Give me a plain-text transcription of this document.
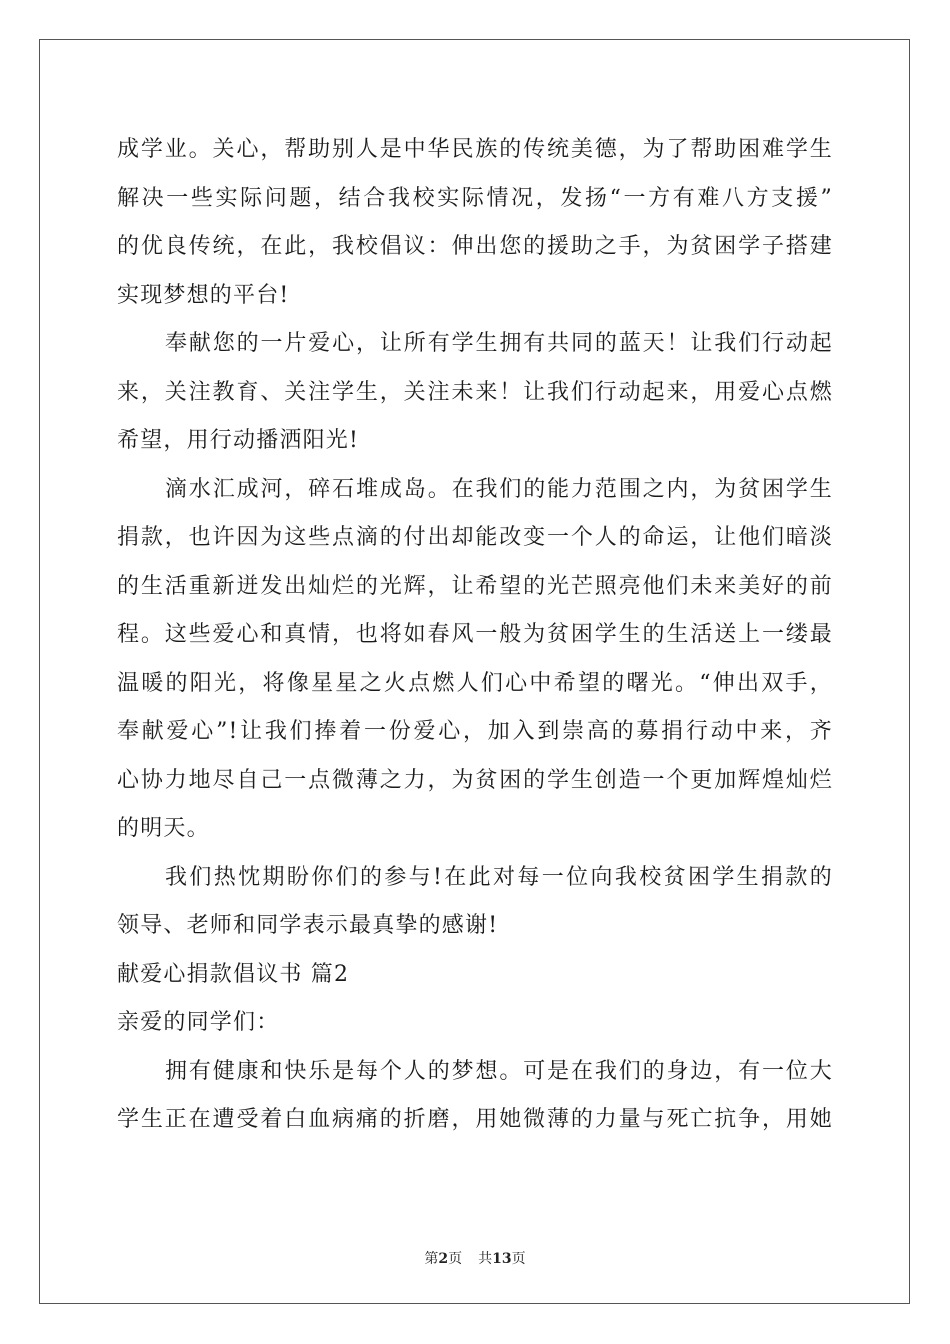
成学业。关心，帮助别人是中华民族的传统美德，为了帮助困难学生
解决一些实际问题，结合我校实际情况，发扬“一方有难八方支援”
的优良传统，在此，我校倡议：伸出您的援助之手，为贫困学子搭建
实现梦想的平台!
奉献您的一片爱心，让所有学生拥有共同的蓝天！让我们行动起
来，关注教育、关注学生，关注未来！让我们行动起来，用爱心点燃
希望，用行动播洒阳光!
滴水汇成河，碎石堆成岛。在我们的能力范围之内，为贫困学生
捐款，也许因为这些点滴的付出却能改变一个人的命运，让他们暗淡
的生活重新迸发出灿烂的光辉，让希望的光芒照亮他们未来美好的前
程。这些爱心和真情，也将如春风一般为贫困学生的生活送上一缕最
温暖的阳光，将像星星之火点燃人们心中希望的曙光。“伸出双手，
奉献爱心”!让我们捧着一份爱心，加入到崇高的募捐行动中来，齐
心协力地尽自己一点微薄之力，为贫困的学生创造一个更加辉煌灿烂
的明天。
我们热忱期盼你们的参与!在此对每一位向我校贫困学生捐款的
领导、老师和同学表示最真挚的感谢!
献爱心捐款倡议书 篇2
亲爱的同学们：
拥有健康和快乐是每个人的梦想。可是在我们的身边，有一位大
学生正在遭受着白血病痛的折磨，用她微薄的力量与死亡抗争，用她
第2页 共13页
